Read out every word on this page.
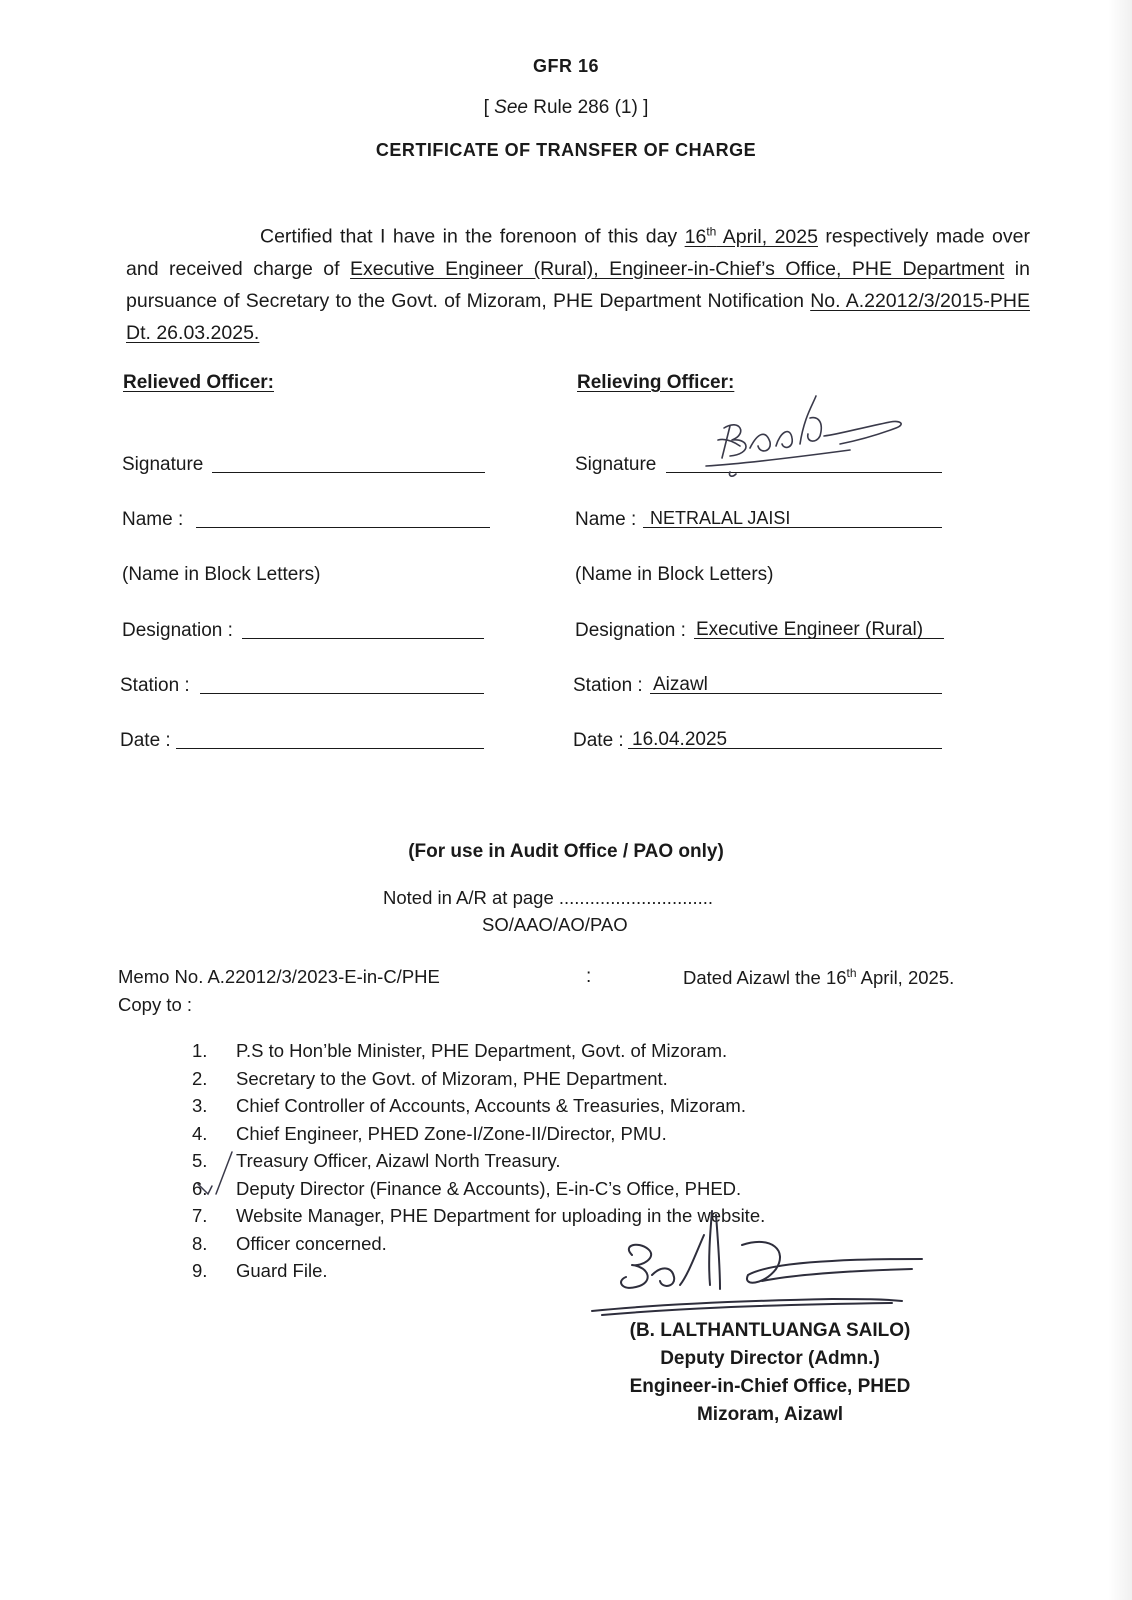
GFR 16
[ See Rule 286 (1) ]
CERTIFICATE OF TRANSFER OF CHARGE
Certified that I have in the forenoon of this day 16th April, 2025 respectively made over and received charge of Executive Engineer (Rural), Engineer-in-Chief’s Office, PHE Department in pursuance of Secretary to the Govt. of Mizoram, PHE Department Notification No. A.22012/3/2015-PHE Dt. 26.03.2025.
Relieved Officer:
Signature
Name :
(Name in Block Letters)
Designation :
Station :
Date :
Relieving Officer:
Signature
Name : NETRALAL JAISI
(Name in Block Letters)
Designation : Executive Engineer (Rural)
Station : Aizawl
Date : 16.04.2025
(For use in Audit Office / PAO only)
Noted in A/R at page ..............................
SO/AAO/AO/PAO
Memo No. A.22012/3/2023-E-in-C/PHE	:	Dated Aizawl the 16th April, 2025.
Copy to :
1.	P.S to Hon’ble Minister, PHE Department, Govt. of Mizoram.
2.	Secretary to the Govt. of Mizoram, PHE Department.
3.	Chief Controller of Accounts, Accounts & Treasuries, Mizoram.
4.	Chief Engineer, PHED Zone-I/Zone-II/Director, PMU.
5.	Treasury Officer, Aizawl North Treasury.
6.	Deputy Director (Finance & Accounts), E-in-C’s Office, PHED.
7.	Website Manager, PHE Department for uploading in the website.
8.	Officer concerned.
9.	Guard File.
(B. LALTHANTLUANGA SAILO)
Deputy Director (Admn.)
Engineer-in-Chief Office, PHED
Mizoram, Aizawl
